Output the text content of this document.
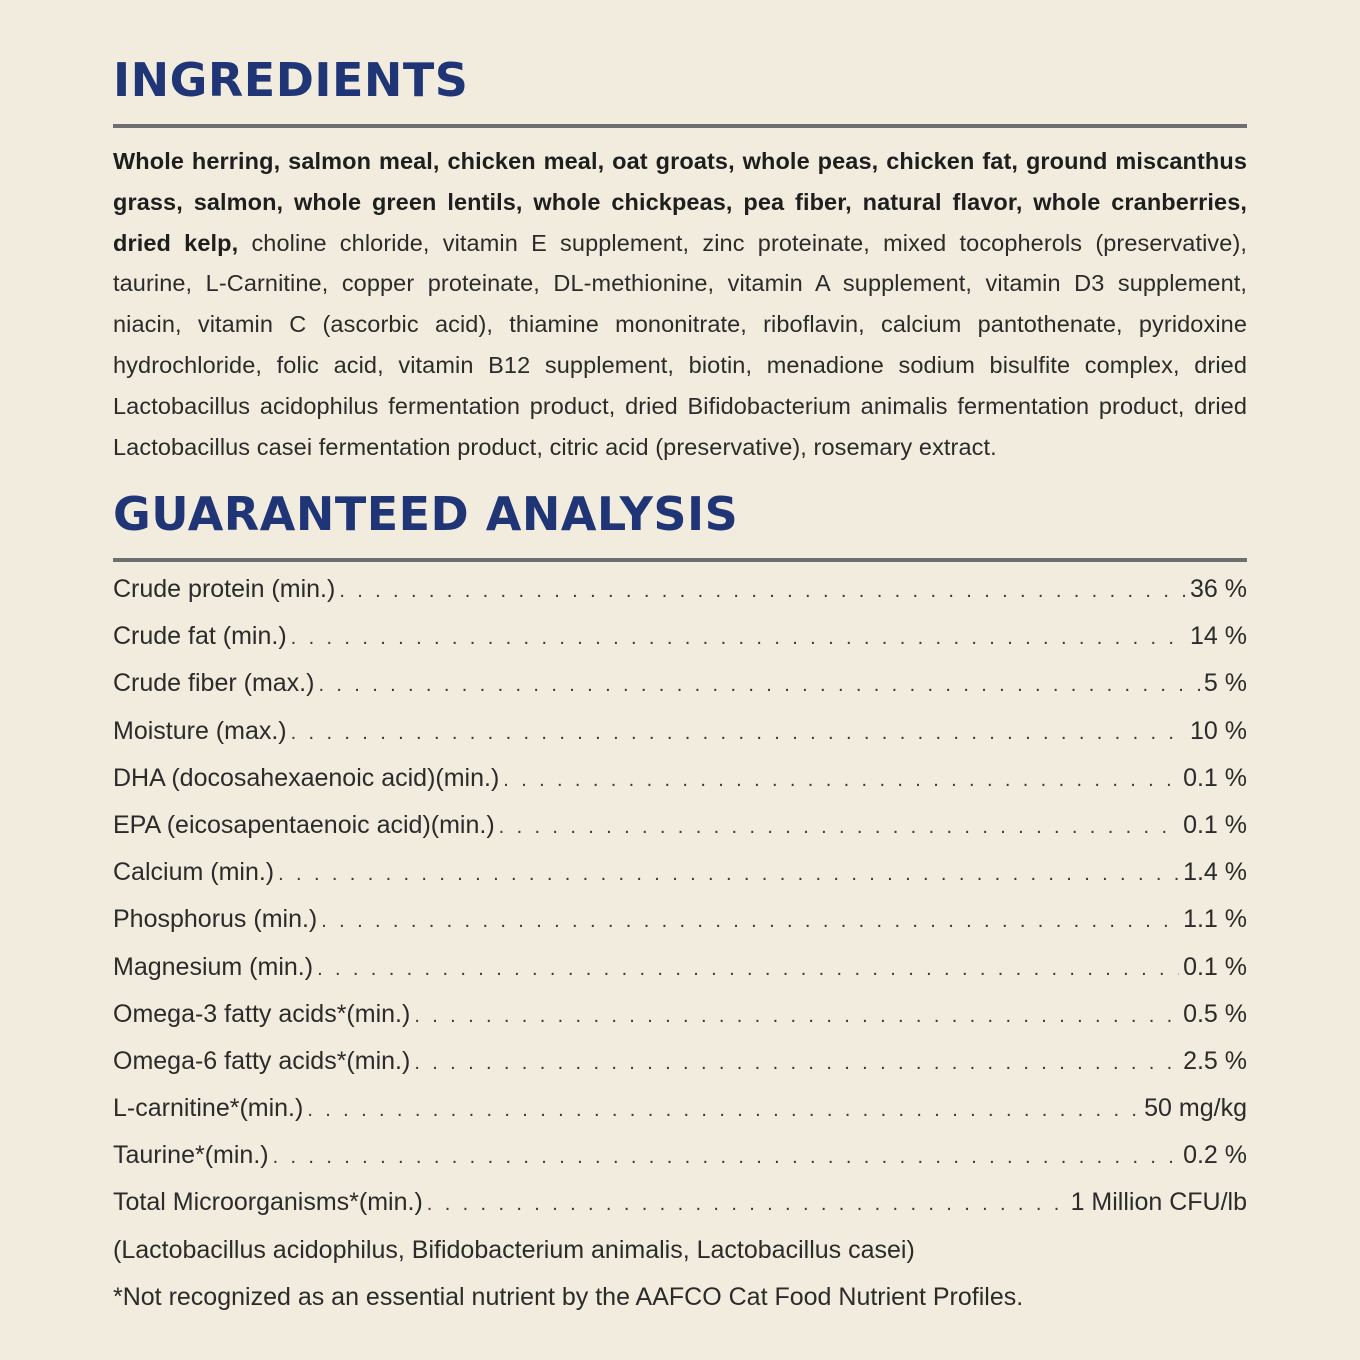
INGREDIENTS

Whole herring, salmon meal, chicken meal, oat groats, whole peas, chicken fat, ground miscanthus grass, salmon, whole green lentils, whole chickpeas, pea fiber, natural flavor, whole cranberries, dried kelp, choline chloride, vitamin E supplement, zinc proteinate, mixed tocopherols (preservative), taurine, L-Carnitine, copper proteinate, DL-methionine, vitamin A supplement, vitamin D3 supplement, niacin, vitamin C (ascorbic acid), thiamine mononitrate, riboflavin, calcium pantothenate, pyridoxine hydrochloride, folic acid, vitamin B12 supplement, biotin, menadione sodium bisulfite complex, dried Lactobacillus acidophilus fermentation product, dried Bifidobacterium animalis fermentation product, dried Lactobacillus casei fermentation product, citric acid (preservative), rosemary extract.

GUARANTEED ANALYSIS
Crude protein (min.) . . .	36 %
Crude fat (min.) . . .	14 %
Crude fiber (max.) . . .	5 %
Moisture (max.) . . .	10 %
DHA (docosahexaenoic acid)(min.) . . .	0.1 %
EPA (eicosapentaenoic acid)(min.) . . .	0.1 %
Calcium (min.) . . .	1.4 %
Phosphorus (min.) . . .	1.1 %
Magnesium (min.) . . .	0.1 %
Omega-3 fatty acids*(min.) . . .	0.5 %
Omega-6 fatty acids*(min.) . . .	2.5 %
L-carnitine*(min.) . . .	50 mg/kg
Taurine*(min.) . . .	0.2 %
Total Microorganisms*(min.) . . .	1 Million CFU/lb
(Lactobacillus acidophilus, Bifidobacterium animalis, Lactobacillus casei)
*Not recognized as an essential nutrient by the AAFCO Cat Food Nutrient Profiles.
